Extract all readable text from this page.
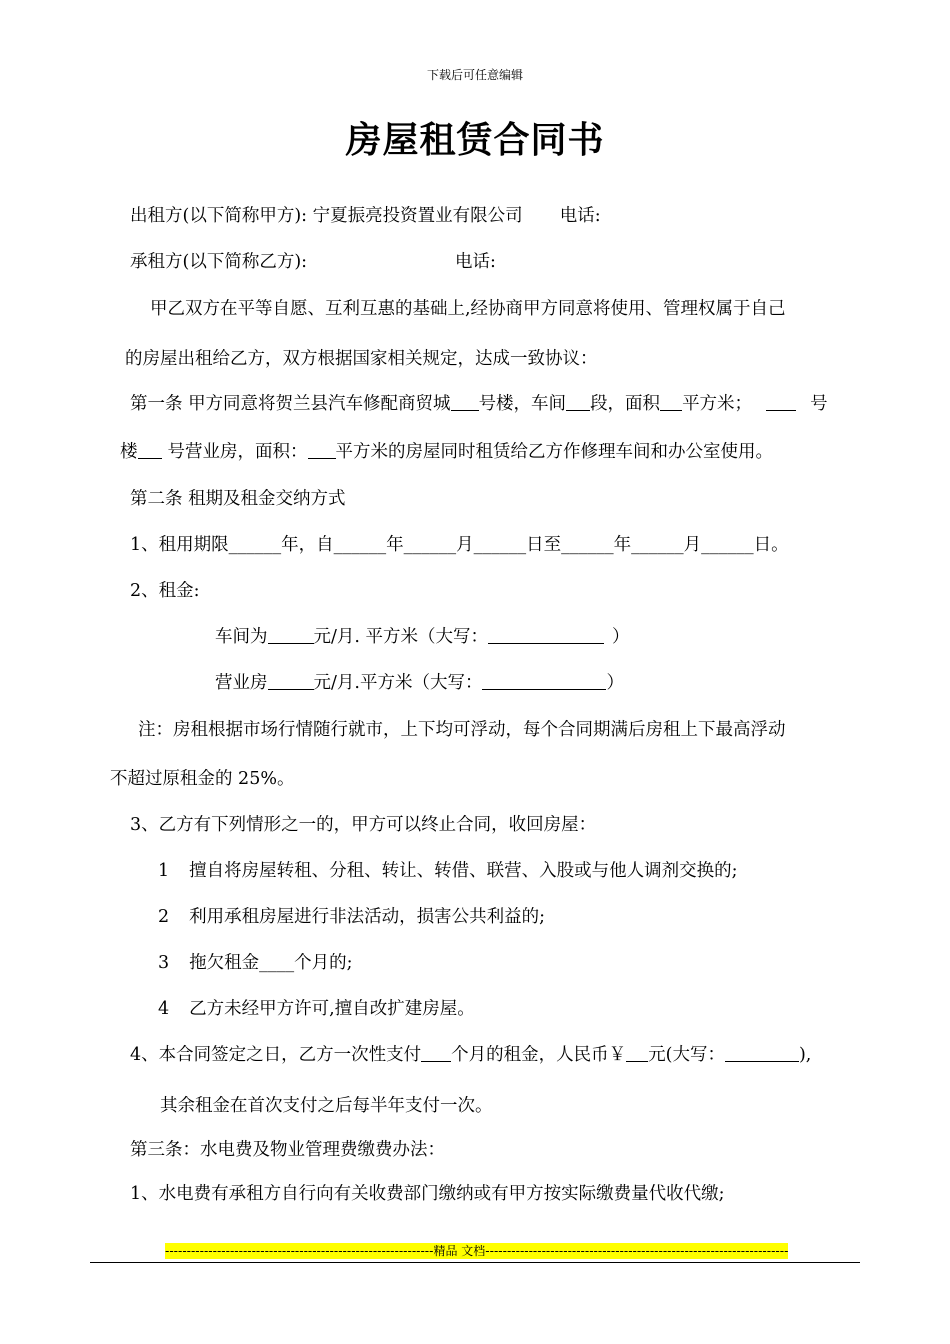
下载后可任意编辑
房屋租赁合同书
出租方(以下简称甲方): 宁夏振亮投资置业有限公司 电话:
承租方(以下简称乙方):	电话:
甲乙双方在平等自愿、互利互惠的基础上,经协商甲方同意将使用、管理权属于自己
的房屋出租给乙方，双方根据国家相关规定，达成一致协议：
第一条 甲方同意将贺兰县汽车修配商贸城 号楼，车间 段，面积 平方米；	号
楼 号营业房，面积： 平方米的房屋同时租赁给乙方作修理车间和办公室使用。
第二条 租期及租金交纳方式
1、租用期限______年，自______年______月______日至______年______月______日。
2、租金:
车间为	元/月. 平方米（大写：	）
营业房	元/月.平方米（大写：	）
注：房租根据市场行情随行就市，上下均可浮动，每个合同期满后房租上下最高浮动
不超过原租金的 25%。
3、乙方有下列情形之一的，甲方可以终止合同，收回房屋：
1 擅自将房屋转租、分租、转让、转借、联营、入股或与他人调剂交换的;
2 利用承租房屋进行非法活动，损害公共利益的;
3 拖欠租金____个月的;
4 乙方未经甲方许可,擅自改扩建房屋。
4、本合同签定之日，乙方一次性支付 个月的租金，人民币￥ 元(大写：	),
其余租金在首次支付之后每半年支付一次。
第三条：水电费及物业管理费缴费办法：
1、水电费有承租方自行向有关收费部门缴纳或有甲方按实际缴费量代收代缴;
--------------------------------------------------------------精品 文档----------------------------------------------------------------------
